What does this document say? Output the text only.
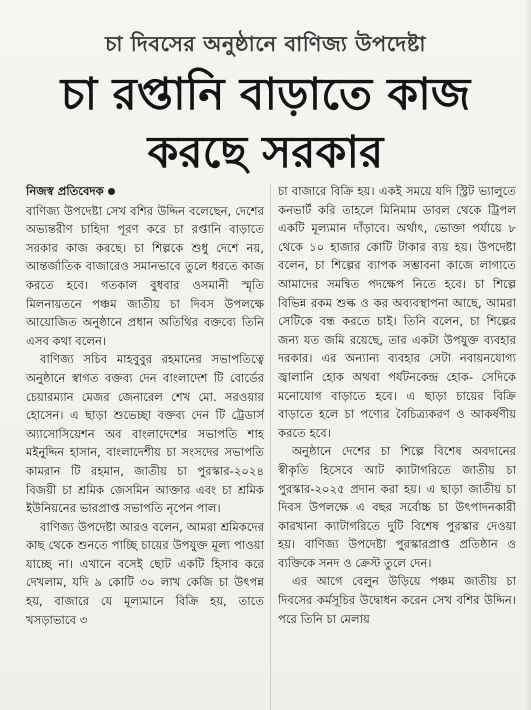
চা দিবসের অনুষ্ঠানে বাণিজ্য উপদেষ্টা
চা রপ্তানি বাড়াতে কাজ
করছে সরকার
নিজস্ব প্রতিবেদক

বাণিজ্য উপদেষ্টা সেখ বশির উদ্দিন বলেছেন, দেশের অভ্যন্তরীণ চাহিদা পূরণ করে চা রপ্তানি বাড়াতে সরকার কাজ করছে। চা শিল্পকে শুধু দেশে নয়, আন্তর্জাতিক বাজারেও সমানভাবে তুলে ধরতে কাজ করতে হবে। গতকাল বুধবার ওসমানী স্মৃতি মিলনায়তনে পঞ্চম জাতীয় চা দিবস উপলক্ষে আয়োজিত অনুষ্ঠানে প্রধান অতিথির বক্তব্যে তিনি এসব কথা বলেন।

বাণিজ্য সচিব মাহবুবুর রহমানের সভাপতিত্বে অনুষ্ঠানে স্বাগত বক্তব্য দেন বাংলাদেশ টি বোর্ডের চেয়ারম্যান মেজর জেনারেল শেখ মো. সরওয়ার হোসেন। এ ছাড়া শুভেচ্ছা বক্তব্য দেন টি ট্রেডার্স অ্যাসোসিয়েশন অব বাংলাদেশের সভাপতি শাহ মইনুদ্দিন হাসান, বাংলাদেশীয় চা সংসদের সভাপতি কামরান টি রহমান, জাতীয় চা পুরস্কার-২০২৪ বিজয়ী চা শ্রমিক জেসমিন আক্তার এবং চা শ্রমিক ইউনিয়নের ভারপ্রাপ্ত সভাপতি নৃপেন পাল।

বাণিজ্য উপদেষ্টা আরও বলেন, আমরা শ্রমিকদের কাছ থেকে শুনতে পাচ্ছি চায়ের উপযুক্ত মূল্য পাওয়া যাচ্ছে না। এখানে বসেই ছোট একটি হিসাব করে দেখলাম, যদি ৯ কোটি ৩০ লাখ কেজি চা উৎপন্ন হয়, বাজারে যে মূল্যমানে বিক্রি হয়, তাতে খসড়াভাবে ৩

চা বাজারে বিক্রি হয়। একই সময়ে যদি স্ট্রিট ভ্যালুতে কনভার্ট করি তাহলে মিনিমাম ডাবল থেকে ট্রিপল একটি মূল্যমান দাঁড়াবে। অর্থাৎ, ভোক্তা পর্যায়ে ৮ থেকে ১০ হাজার কোটি টাকার ব্যয় হয়। উপদেষ্টা বলেন, চা শিল্পের ব্যাপক সম্ভাবনা কাজে লাগাতে আমাদের সমন্বিত পদক্ষেপ নিতে হবে। চা শিল্পে বিভিন্ন রকম শুল্ক ও কর অব্যবস্থাপনা আছে, আমরা সেটিকে বন্ধ করতে চাই। তিনি বলেন, চা শিল্পের জন্য যত জমি রয়েছে, তার একটা উপযুক্ত ব্যবহার দরকার। এর অন্যান্য ব্যবহার সেটা নবায়নযোগ্য জ্বালানি হোক অথবা পর্যটনকেন্দ্র হোক- সেদিকে মনোযোগ বাড়াতে হবে। এ ছাড়া চায়ের বিক্রি বাড়াতে হলে চা পণ্যের বৈচিত্র্যকরণ ও আকর্ষণীয় করতে হবে।

অনুষ্ঠানে দেশের চা শিল্পে বিশেষ অবদানের স্বীকৃতি হিসেবে আট ক্যাটাগরিতে জাতীয় চা পুরস্কার-২০২৫ প্রদান করা হয়। এ ছাড়া জাতীয় চা দিবস উপলক্ষে এ বছর সর্বোচ্চ চা উৎপাদনকারী কারখানা ক্যাটাগরিতে দুটি বিশেষ পুরস্কার দেওয়া হয়। বাণিজ্য উপদেষ্টা পুরস্কারপ্রাপ্ত প্রতিষ্ঠান ও ব্যক্তিকে সনদ ও ক্রেস্ট তুলে দেন।

এর আগে বেলুন উড়িয়ে পঞ্চম জাতীয় চা দিবসের কর্মসূচির উদ্বোধন করেন সেখ বশির উদ্দিন। পরে তিনি চা মেলায়
